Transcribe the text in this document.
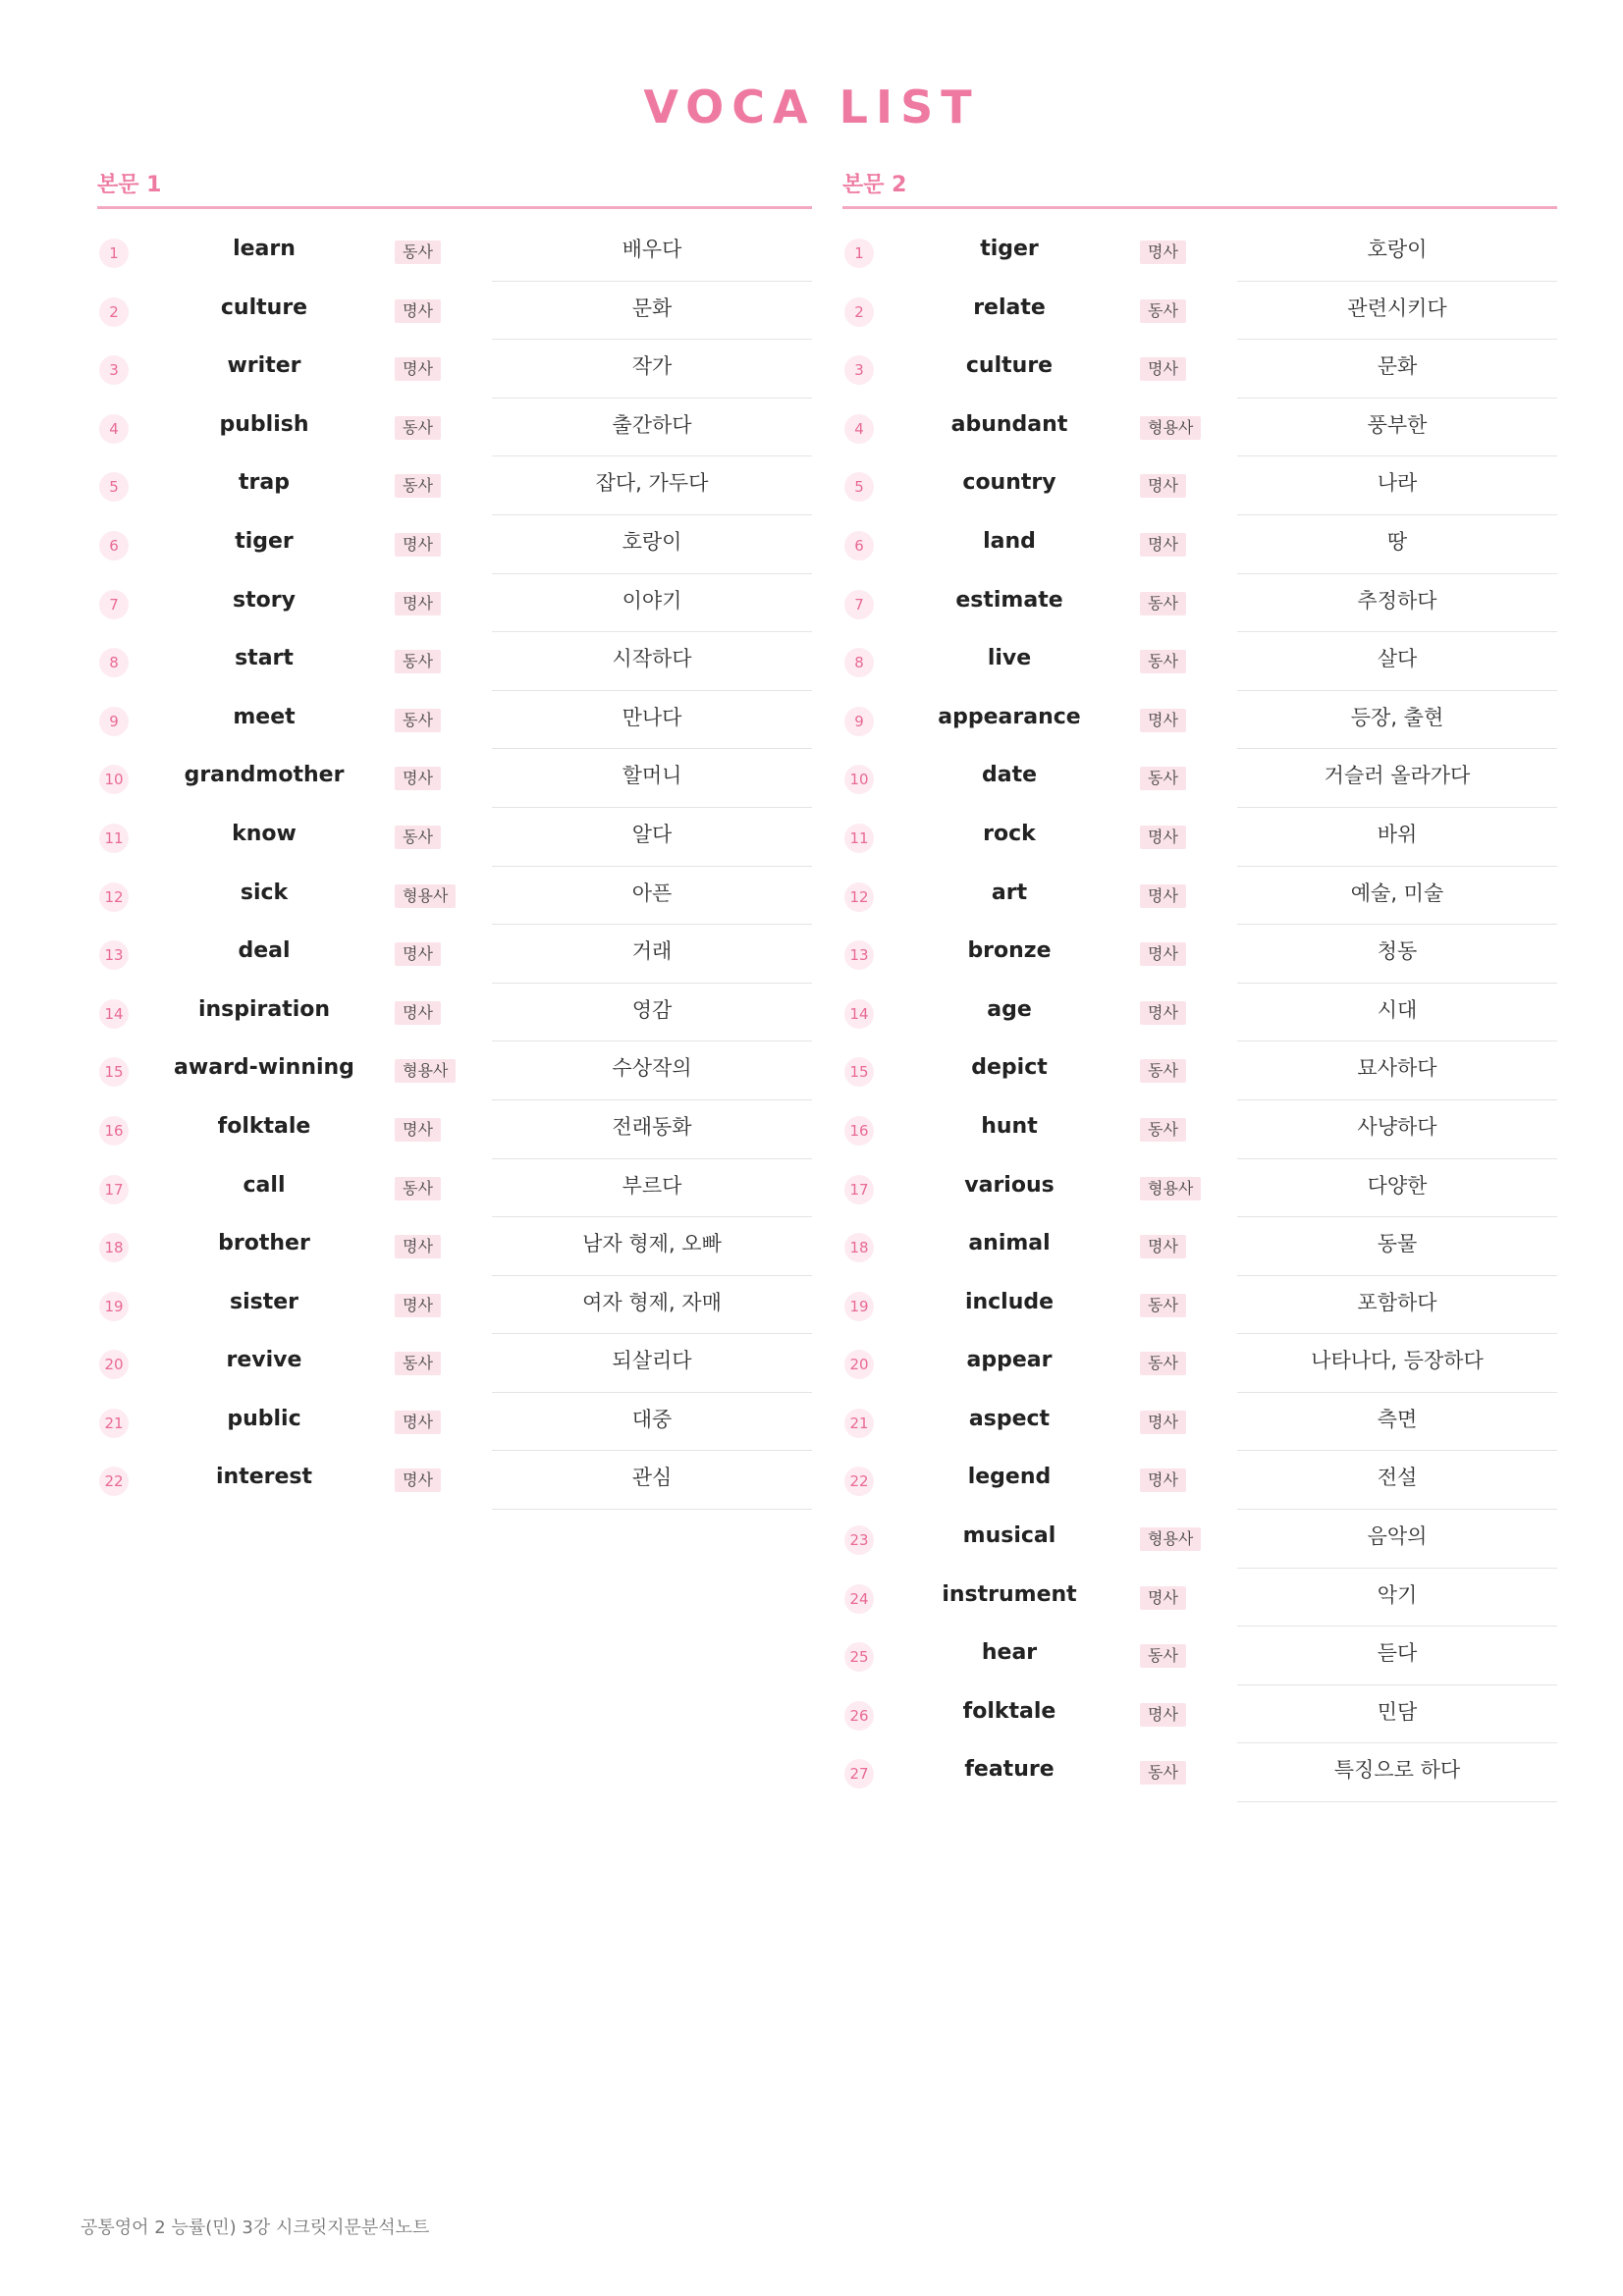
VOCA LIST
본문 1
1	learn	동사	배우다
2	culture	명사	문화
3	writer	명사	작가
4	publish	동사	출간하다
5	trap	동사	잡다, 가두다
6	tiger	명사	호랑이
7	story	명사	이야기
8	start	동사	시작하다
9	meet	동사	만나다
10	grandmother	명사	할머니
11	know	동사	알다
12	sick	형용사	아픈
13	deal	명사	거래
14	inspiration	명사	영감
15	award-winning	형용사	수상작의
16	folktale	명사	전래동화
17	call	동사	부르다
18	brother	명사	남자 형제, 오빠
19	sister	명사	여자 형제, 자매
20	revive	동사	되살리다
21	public	명사	대중
22	interest	명사	관심
본문 2
1	tiger	명사	호랑이
2	relate	동사	관련시키다
3	culture	명사	문화
4	abundant	형용사	풍부한
5	country	명사	나라
6	land	명사	땅
7	estimate	동사	추정하다
8	live	동사	살다
9	appearance	명사	등장, 출현
10	date	동사	거슬러 올라가다
11	rock	명사	바위
12	art	명사	예술, 미술
13	bronze	명사	청동
14	age	명사	시대
15	depict	동사	묘사하다
16	hunt	동사	사냥하다
17	various	형용사	다양한
18	animal	명사	동물
19	include	동사	포함하다
20	appear	동사	나타나다, 등장하다
21	aspect	명사	측면
22	legend	명사	전설
23	musical	형용사	음악의
24	instrument	명사	악기
25	hear	동사	듣다
26	folktale	명사	민담
27	feature	동사	특징으로 하다
공통영어 2 능률(민) 3강 시크릿지문분석노트
